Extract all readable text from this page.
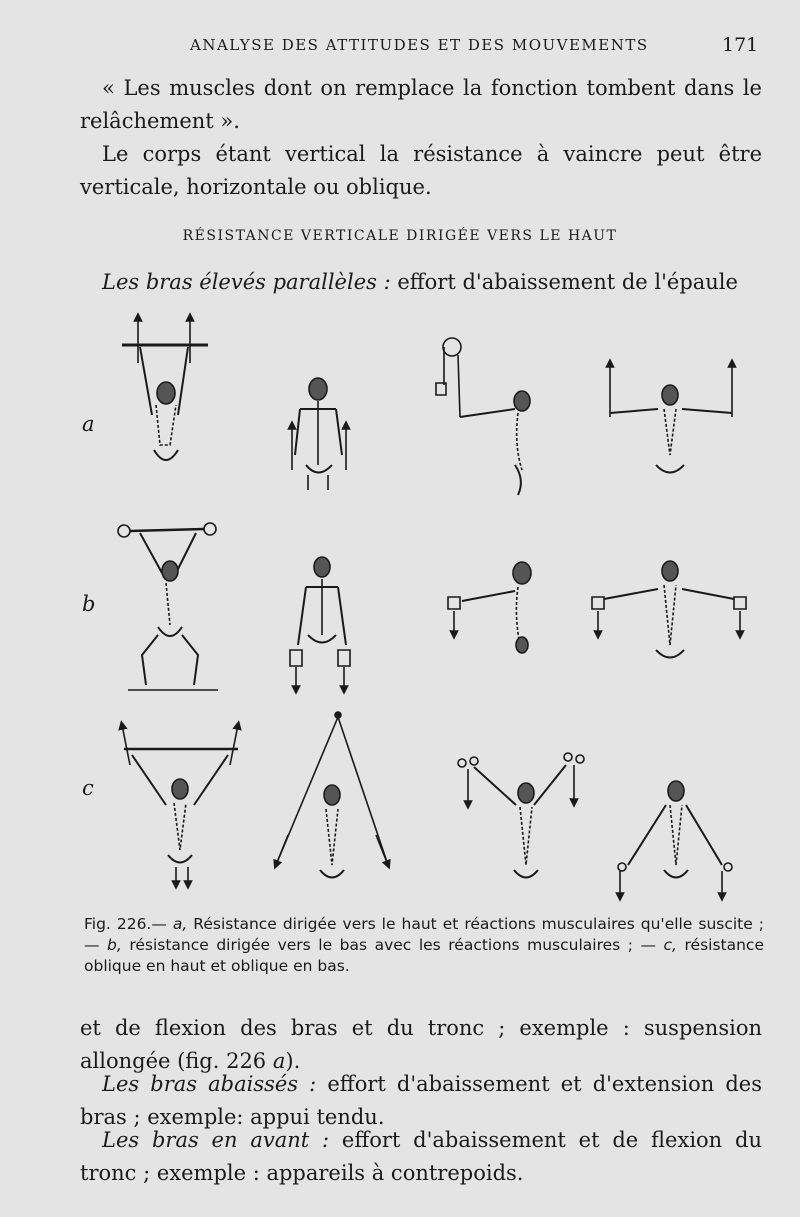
ANALYSE DES ATTITUDES ET DES MOUVEMENTS	171

« Les muscles dont on remplace la fonction tombent dans le relâchement ».

Le corps étant vertical la résistance à vaincre peut être verticale, horizontale ou oblique.

RÉSISTANCE VERTICALE DIRIGÉE VERS LE HAUT

Les bras élevés parallèles : effort d'abaissement de l'épaule

a
b
c

Fig. 226.— a, Résistance dirigée vers le haut et réactions musculaires qu'elle suscite ; — b, résistance dirigée vers le bas avec les réactions musculaires ; — c, résistance oblique en haut et oblique en bas.

et de flexion des bras et du tronc ; exemple : suspension allongée (fig. 226 a).

Les bras abaissés : effort d'abaissement et d'extension des bras ; exemple: appui tendu.

Les bras en avant : effort d'abaissement et de flexion du tronc ; exemple : appareils à contrepoids.
